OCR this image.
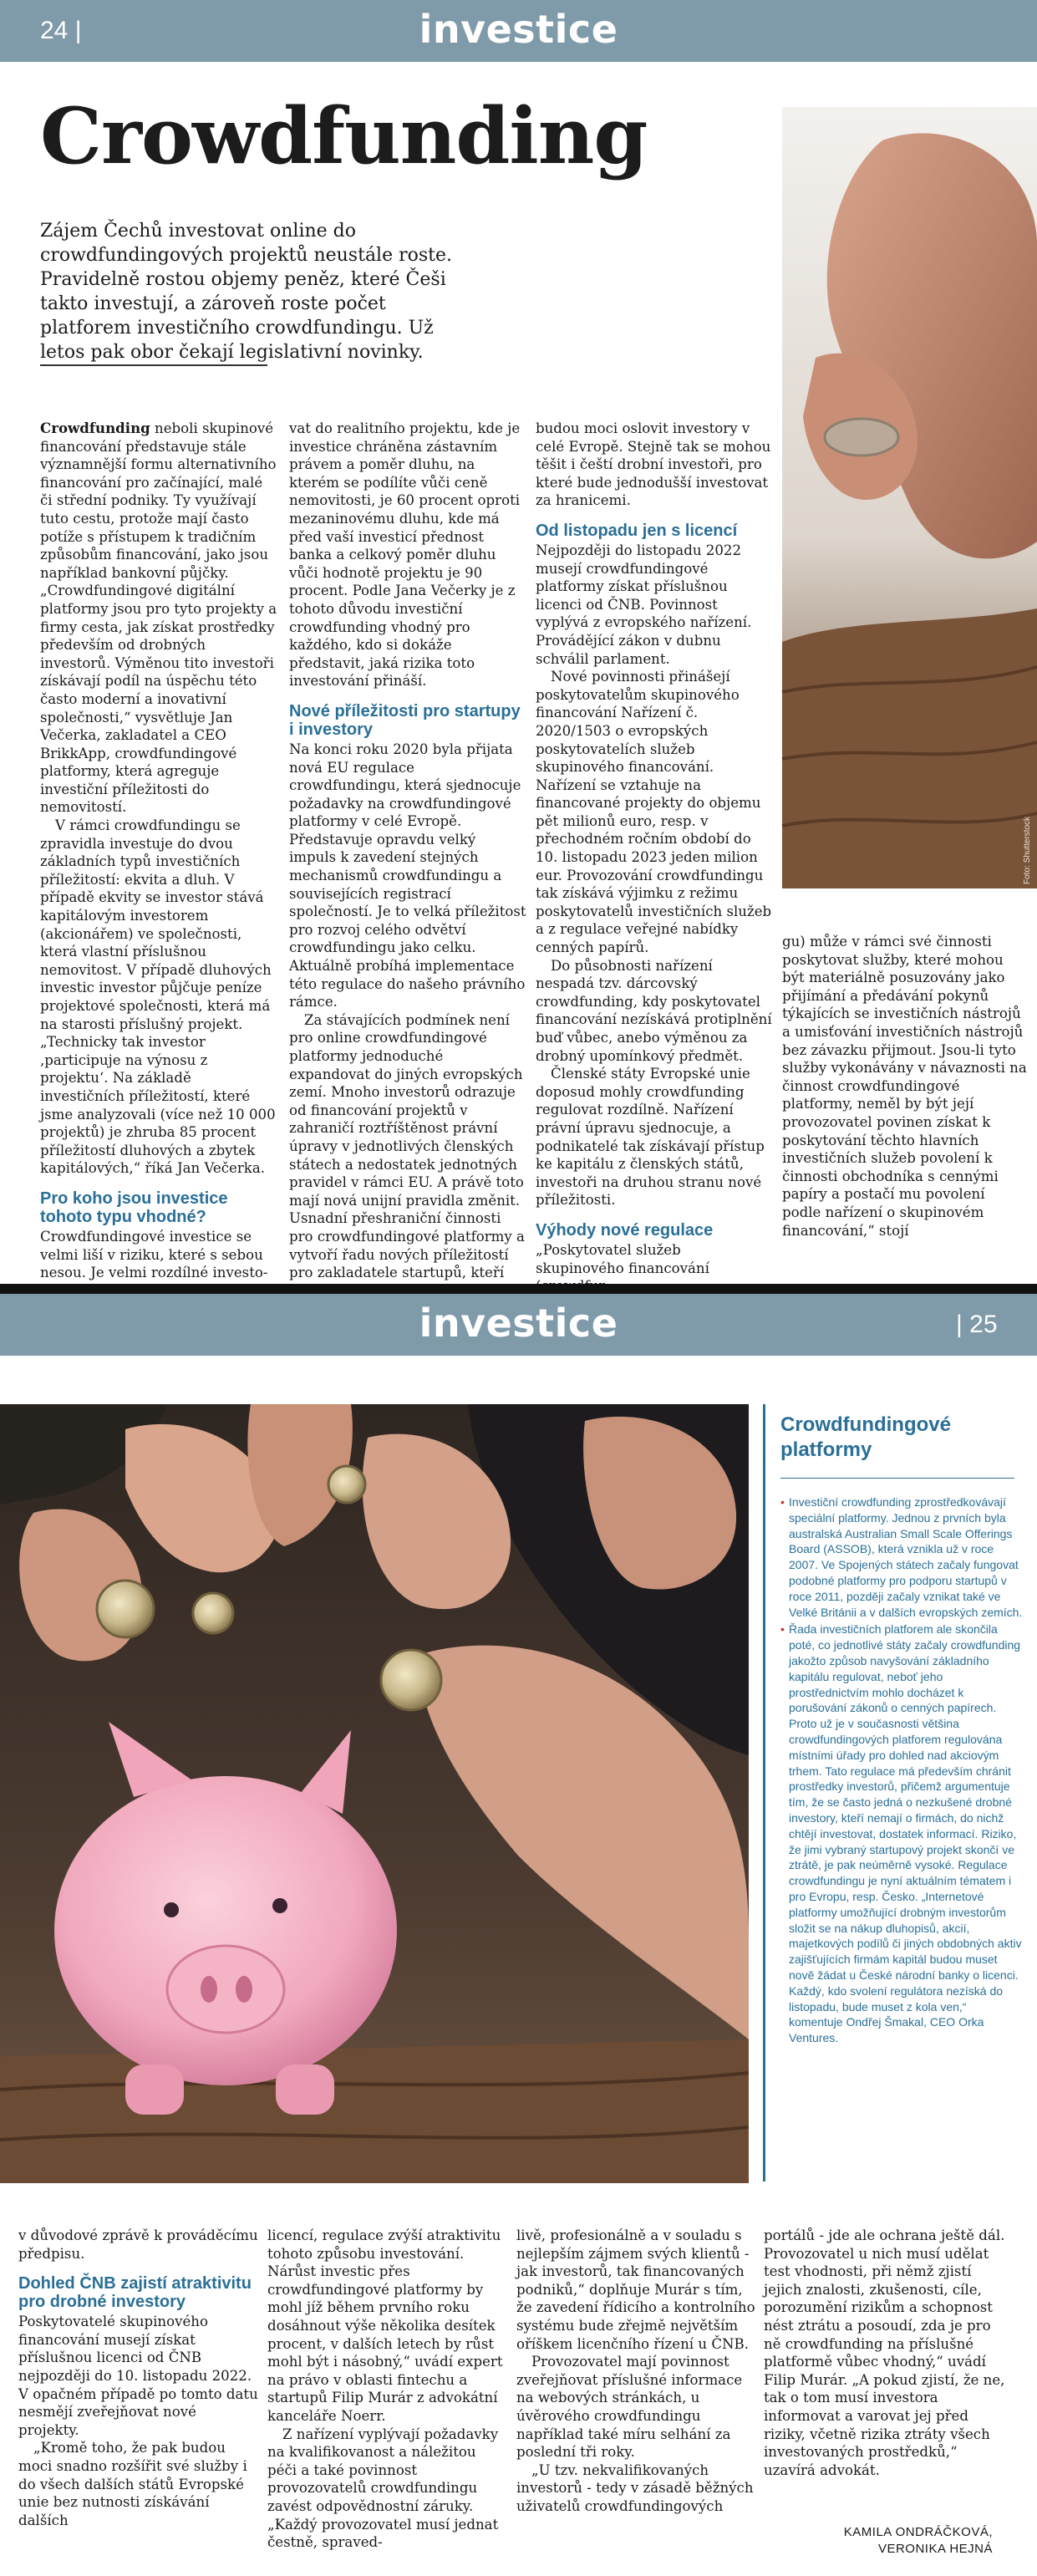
24 |	investice
Crowdfunding

Zájem Čechů investovat online do crowdfundingových projektů neustále roste. Pravidelně rostou objemy peněz, které Češi takto investují, a zároveň roste počet platforem investičního crowdfundingu. Už letos pak obor čekají legislativní novinky.

Foto: Shutterstock

Crowdfunding neboli skupinové financování představuje stále významnější formu alternativního financování pro začínající, malé či střední podniky. Ty využívají tuto cestu, protože mají často potíže s přístupem k tradičním způsobům financování, jako jsou například bankovní půjčky. „Crowdfundingové digitální platformy jsou pro tyto projekty a firmy cesta, jak získat prostředky především od drobných investorů. Výměnou tito investoři získávají podíl na úspěchu této často moderní a inovativní společnosti,“ vysvětluje Jan Večerka, zakladatel a CEO BrikkApp, crowdfundingové platformy, která agreguje investiční příležitosti do nemovitostí.

V rámci crowdfundingu se zpravidla investuje do dvou základních typů investičních příležitostí: ekvita a dluh. V případě ekvity se investor stává kapitálovým investorem (akcionářem) ve společnosti, která vlastní příslušnou nemovitost. V případě dluhových investic investor půjčuje peníze projektové společnosti, která má na starosti příslušný projekt. „Technicky tak investor ‚participuje na výnosu z projektu‘. Na základě investičních příležitostí, které jsme analyzovali (více než 10 000 projektů) je zhruba 85 procent příležitostí dluhových a zbytek kapitálových,“ říká Jan Večerka.

Pro koho jsou investice tohoto typu vhodné?

Crowdfundingové investice se velmi liší v riziku, které s sebou nesou. Je velmi rozdílné investo-

vat do realitního projektu, kde je investice chráněna zástavním právem a poměr dluhu, na kterém se podílíte vůči ceně nemovitosti, je 60 procent oproti mezaninovému dluhu, kde má před vaší investicí přednost banka a celkový poměr dluhu vůči hodnotě projektu je 90 procent. Podle Jana Večerky je z tohoto důvodu investiční crowdfunding vhodný pro každého, kdo si dokáže představit, jaká rizika toto investování přináší.

Nové příležitosti pro startupy i investory

Na konci roku 2020 byla přijata nová EU regulace crowdfundingu, která sjednocuje požadavky na crowdfundingové platformy v celé Evropě. Představuje opravdu velký impuls k zavedení stejných mechanismů crowdfundingu a souvisejících registrací společností. Je to velká příležitost pro rozvoj celého odvětví crowdfundingu jako celku. Aktuálně probíhá implementace této regulace do našeho právního rámce.

Za stávajících podmínek není pro online crowdfundingové platformy jednoduché expandovat do jiných evropských zemí. Mnoho investorů odrazuje od financování projektů v zahraničí roztříštěnost právní úpravy v jednotlivých členských státech a nedostatek jednotných pravidel v rámci EU. A právě toto mají nová unijní pravidla změnit. Usnadní přeshraniční činnosti pro crowdfundingové platformy a vytvoří řadu nových příležitostí pro zakladatele startupů, kteří

budou moci oslovit investory v celé Evropě. Stejně tak se mohou těšit i čeští drobní investoři, pro které bude jednodušší investovat za hranicemi.

Od listopadu jen s licencí

Nejpozději do listopadu 2022 musejí crowdfundingové platformy získat příslušnou licenci od ČNB. Povinnost vyplývá z evropského nařízení. Provádějící zákon v dubnu schválil parlament.

Nové povinnosti přinášejí poskytovatelům skupinového financování Nařízení č. 2020/1503 o evropských poskytovatelích služeb skupinového financování. Nařízení se vztahuje na financované projekty do objemu pět milionů euro, resp. v přechodném ročním období do 10. listopadu 2023 jeden milion eur. Provozování crowdfundingu tak získává výjimku z režimu poskytovatelů investičních služeb a z regulace veřejné nabídky cenných papírů.

Do působnosti nařízení nespadá tzv. dárcovský crowdfunding, kdy poskytovatel financování nezískává protiplnění buď vůbec, anebo výměnou za drobný upomínkový předmět.

Členské státy Evropské unie doposud mohly crowdfunding regulovat rozdílně. Nařízení právní úpravu sjednocuje, a podnikatelé tak získávají přístup ke kapitálu z členských států, investoři na druhou stranu nové příležitosti.

Výhody nové regulace

„Poskytovatel služeb skupinového financování

gu) může v rámci své činnosti poskytovat služby, které mohou být materiálně posuzovány jako přijímání a předávání pokynů týkajících se investičních nástrojů a umisťování investičních nástrojů bez závazku přijmout. Jsou-li tyto služby vykonávány v návaznosti na činnost crowdfundingové platformy, neměl by být její provozovatel povinen získat k poskytování těchto hlavních investičních služeb povolení k činnosti obchodníka s cennými papíry a postačí mu povolení podle nařízení o skupinovém financování,“ stojí

investice	| 25
Crowdfundingové platformy
• Investiční crowdfunding zprostředkovávají speciální platformy. Jednou z prvních byla australská Australian Small Scale Offerings Board (ASSOB), která vznikla už v roce 2007. Ve Spojených státech začaly fungovat podobné platformy pro podporu startupů v roce 2011, později začaly vznikat také ve Velké Británii a v dalších evropských zemích.
• Řada investičních platforem ale skončila poté, co jednotlivé státy začaly crowdfunding jakožto způsob navyšování základního kapitálu regulovat, neboť jeho prostřednictvím mohlo docházet k porušování zákonů o cenných papírech. Proto už je v současnosti většina crowdfundingových platforem regulována místními úřady pro dohled nad akciovým trhem. Tato regulace má především chránit prostředky investorů, přičemž argumentuje tím, že se často jedná o nezkušené drobné investory, kteří nemají o firmách, do nichž chtějí investovat, dostatek informací. Riziko, že jimi vybraný startupový projekt skončí ve ztrátě, je pak neúměrně vysoké. Regulace crowdfundingu je nyní aktuálním tématem i pro Evropu, resp. Česko. „Internetové platformy umožňující drobným investorům složit se na nákup dluhopisů, akcií, majetkových podílů či jiných obdobných aktiv zajišťujících firmám kapitál budou muset nově žádat u České národní banky o licenci. Každý, kdo svolení regulátora nezíská do listopadu, bude muset z kola ven,“ komentuje Ondřej Šmakal, CEO Orka Ventures.

v důvodové zprávě k prováděcímu předpisu.

Dohled ČNB zajistí atraktivitu pro drobné investory

Poskytovatelé skupinového financování musejí získat příslušnou licenci od ČNB nejpozději do 10. listopadu 2022. V opačném případě po tomto datu nesmějí zveřejňovat nové projekty.

„Kromě toho, že pak budou moci snadno rozšířit své služby i do všech dalších států Evropské unie bez nutnosti získávání dalších

licencí, regulace zvýší atraktivitu tohoto způsobu investování. Nárůst investic přes crowdfundingové platformy by mohl jíž během prvního roku dosáhnout výše několika desítek procent, v dalších letech by růst mohl být i násobný,“ uvádí expert na právo v oblasti fintechu a startupů Filip Murár z advokátní kanceláře Noerr.

Z nařízení vyplývají požadavky na kvalifikovanost a náležitou péči a také povinnost provozovatelů crowdfundingu zavést odpovědnostní záruky. „Každý provozovatel musí jednat čestně, spraved-

livě, profesionálně a v souladu s nejlepším zájmem svých klientů - jak investorů, tak financovaných podniků,“ doplňuje Murár s tím, že zavedení řídicího a kontrolního systému bude zřejmě největším oříškem licenčního řízení u ČNB.

Provozovatel mají povinnost zveřejňovat příslušné informace na webových stránkách, u úvěrového crowdfundingu například také míru selhání za poslední tři roky.

„U tzv. nekvalifikovaných investorů - tedy v zásadě běžných uživatelů crowdfundingových

portálů - jde ale ochrana ještě dál. Provozovatel u nich musí udělat test vhodnosti, při němž zjistí jejich znalosti, zkušenosti, cíle, porozumění rizikům a schopnost nést ztrátu a posoudí, zda je pro ně crowdfunding na příslušné platformě vůbec vhodný,“ uvádí Filip Murár. „A pokud zjistí, že ne, tak o tom musí investora informovat a varovat jej před riziky, včetně rizika ztráty všech investovaných prostředků,“ uzavírá advokát.

KAMILA ONDRÁČKOVÁ,
VERONIKA HEJNÁ
